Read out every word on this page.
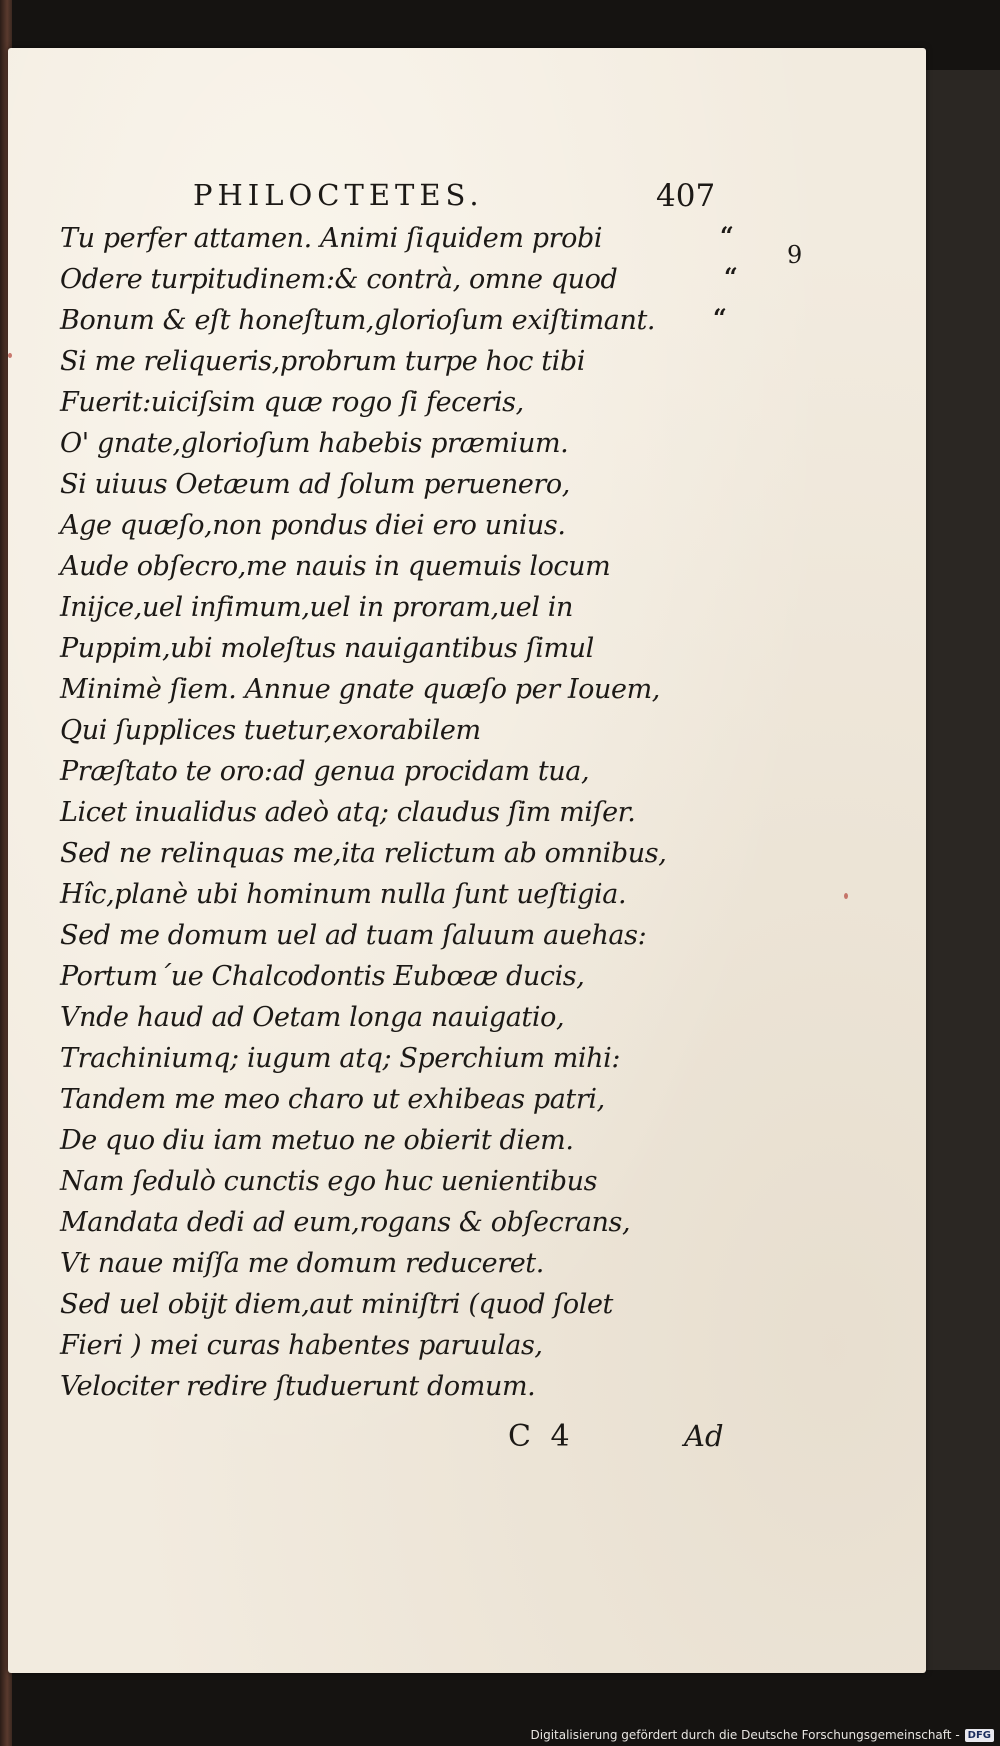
PHILOCTETES.	407
9
“
“
“
Tu perfer attamen. Animi ſiquidem probi
Odere turpitudinem:& contrà, omne quod
Bonum & eſt honeſtum,glorioſum exiſtimant.
Si me reliqueris,probrum turpe hoc tibi
Fuerit:uiciſsim quæ rogo ſi feceris,
O' gnate,glorioſum habebis præmium.
Si uiuus Oetæum ad ſolum peruenero,
Age quæſo,non pondus diei ero unius.
Aude obſecro,me nauis in quemuis locum
Inijce,uel infimum,uel in proram,uel in
Puppim,ubi moleſtus nauigantibus ſimul
Minimè ſiem. Annue gnate quæſo per Iouem,
Qui ſupplices tuetur,exorabilem
Præſtato te oro:ad genua procidam tua,
Licet inualidus adeò atq; claudus ſim miſer.
Sed ne relinquas me,ita relictum ab omnibus,
Hîc,planè ubi hominum nulla ſunt ueſtigia.
Sed me domum uel ad tuam ſaluum auehas:
Portum´ue Chalcodontis Eubœæ ducis,
Vnde haud ad Oetam longa nauigatio,
Trachiniumq; iugum atq; Sperchium mihi:
Tandem me meo charo ut exhibeas patri,
De quo diu iam metuo ne obierit diem.
Nam ſedulò cunctis ego huc uenientibus
Mandata dedi ad eum,rogans & obſecrans,
Vt naue miſſa me domum reduceret.
Sed uel obijt diem,aut miniſtri (quod ſolet
Fieri ) mei curas habentes paruulas,
Velociter redire ſtuduerunt domum.
C 4	Ad
Digitalisierung gefördert durch die Deutsche Forschungsgemeinschaft - DFG
